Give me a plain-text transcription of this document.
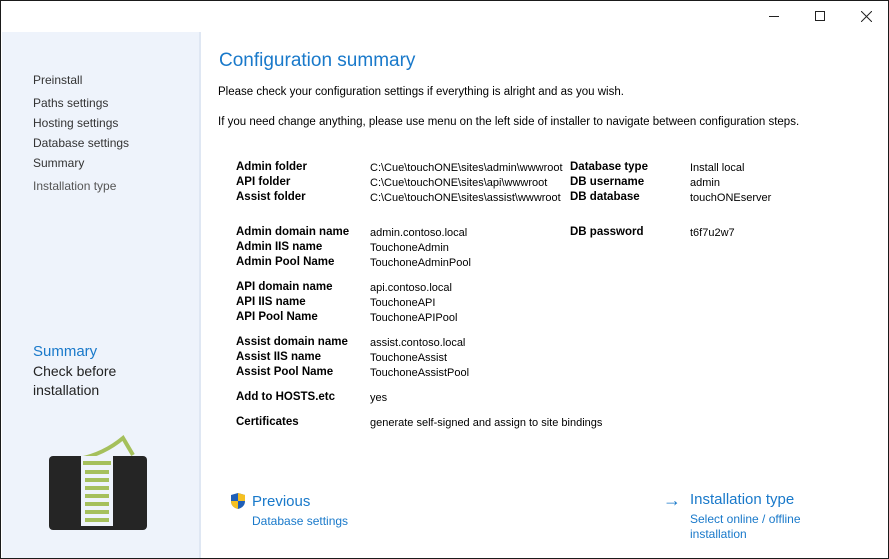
Preinstall
Paths settings
Hosting settings
Database settings
Summary
Installation type
Summary
Check before
installation
Configuration summary
Please check your configuration settings if everything is alright and as you wish.
If you need change anything, please use menu on the left side of installer to navigate between configuration steps.
Admin folder	C:\Cue\touchONE\sites\admin\wwwroot
API folder	C:\Cue\touchONE\sites\api\wwwroot
Assist folder	C:\Cue\touchONE\sites\assist\wwwroot
Admin domain name admin.contoso.local
Admin IIS name	TouchoneAdmin
Admin Pool Name	TouchoneAdminPool
API domain name	api.contoso.local
API IIS name	TouchoneAPI
API Pool Name	TouchoneAPIPool
Assist domain name assist.contoso.local
Assist IIS name	TouchoneAssist
Assist Pool Name	TouchoneAssistPool
Add to HOSTS.etc	yes
Certificates	generate self-signed and assign to site bindings
Database type	Install local
DB username	admin
DB database	touchONEserver
DB password	t6f7u2w7
Previous
Database settings
→ Installation type
Select online / offline
installation
